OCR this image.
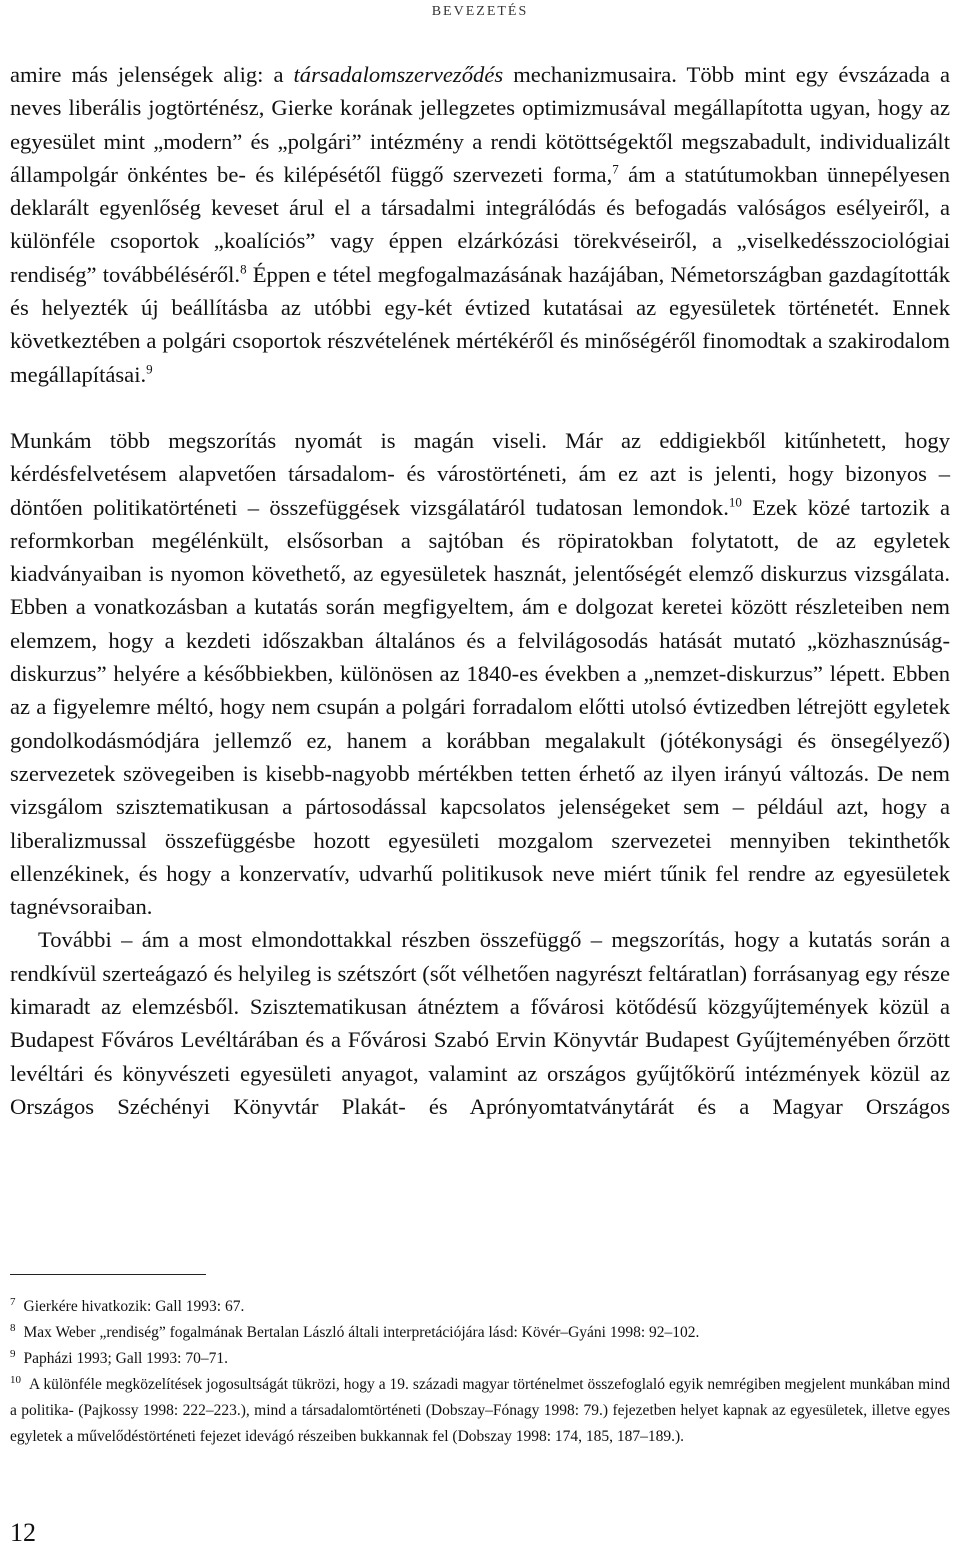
BEVEZETÉS

amire más jelenségek alig: a társadalomszerveződés mechanizmusaira. Több mint egy évszázada a neves liberális jogtörténész, Gierke korának jellegzetes optimizmusával megállapította ugyan, hogy az egyesület mint „modern” és „polgári” intézmény a rendi kötöttségektől megszabadult, individualizált állampolgár önkéntes be- és kilépésétől függő szervezeti forma,$^7$ ám a statútumokban ünnepélyesen deklarált egyenlőség keveset árul el a társadalmi integrálódás és befogadás valóságos esélyeiről, a különféle csoportok „koalíciós” vagy éppen elzárkózási törekvéseiről, a „viselkedésszociológiai rendiség” továbbéléséről.$^8$ Éppen e tétel megfogalmazásának hazájában, Németországban gazdagították és helyezték új beállításba az utóbbi egy-két évtized kutatásai az egyesületek történetét. Ennek következtében a polgári csoportok részvételének mértékéről és minőségéről finomodtak a szakirodalom megállapításai.$^9$

Munkám több megszorítás nyomát is magán viseli. Már az eddigiekből kitűnhetett, hogy kérdésfelvetésem alapvetően társadalom- és várostörténeti, ám ez azt is jelenti, hogy bizonyos – döntően politikatörténeti – összefüggések vizsgálatáról tudatosan lemondok.$^{10}$ Ezek közé tartozik a reformkorban megélénkült, elsősorban a sajtóban és röpiratokban folytatott, de az egyletek kiadványaiban is nyomon követhető, az egyesületek hasznát, jelentőségét elemző diskurzus vizsgálata. Ebben a vonatkozásban a kutatás során megfigyeltem, ám e dolgozat keretei között részleteiben nem elemzem, hogy a kezdeti időszakban általános és a felvilágosodás hatását mutató „közhasznúság-diskurzus” helyére a későbbiekben, különösen az 1840-es években a „nemzet-diskurzus” lépett. Ebben az a figyelemre méltó, hogy nem csupán a polgári forradalom előtti utolsó évtizedben létrejött egyletek gondolkodásmódjára jellemző ez, hanem a korábban megalakult (jótékonysági és önsegélyező) szervezetek szövegeiben is kisebb-nagyobb mértékben tetten érhető az ilyen irányú változás. De nem vizsgálom szisztematikusan a pártosodással kapcsolatos jelenségeket sem – például azt, hogy a liberalizmussal összefüggésbe hozott egyesületi mozgalom szervezetei mennyiben tekinthetők ellenzékinek, és hogy a konzervatív, udvarhű politikusok neve miért tűnik fel rendre az egyesületek tagnévsoraiban.

További – ám a most elmondottakkal részben összefüggő – megszorítás, hogy a kutatás során a rendkívül szerteágazó és helyileg is szétszórt (sőt vélhetően nagyrészt feltáratlan) forrásanyag egy része kimaradt az elemzésből. Szisztematikusan átnéztem a fővárosi kötődésű közgyűjtemények közül a Budapest Főváros Levéltárában és a Fővárosi Szabó Ervin Könyvtár Budapest Gyűjteményében őrzött levéltári és könyvészeti egyesületi anyagot, valamint az országos gyűjtőkörű intézmények közül az Országos Széchényi Könyvtár Plakát- és Aprónyomtatványtárát és a Magyar Országos

$^7$ Gierkére hivatkozik: Gall 1993: 67.

$^8$ Max Weber „rendiség” fogalmának Bertalan László általi interpretációjára lásd: Kövér–Gyáni 1998: 92–102.

$^9$ Papházi 1993; Gall 1993: 70–71.

$^{10}$ A különféle megközelítések jogosultságát tükrözi, hogy a 19. századi magyar történelmet összefoglaló egyik nemrégiben megjelent munkában mind a politika- (Pajkossy 1998: 222–223.), mind a társadalomtörténeti (Dobszay–Fónagy 1998: 79.) fejezetben helyet kapnak az egyesületek, illetve egyes egyletek a művelődéstörténeti fejezet idevágó részeiben bukkannak fel (Dobszay 1998: 174, 185, 187–189.).

12
